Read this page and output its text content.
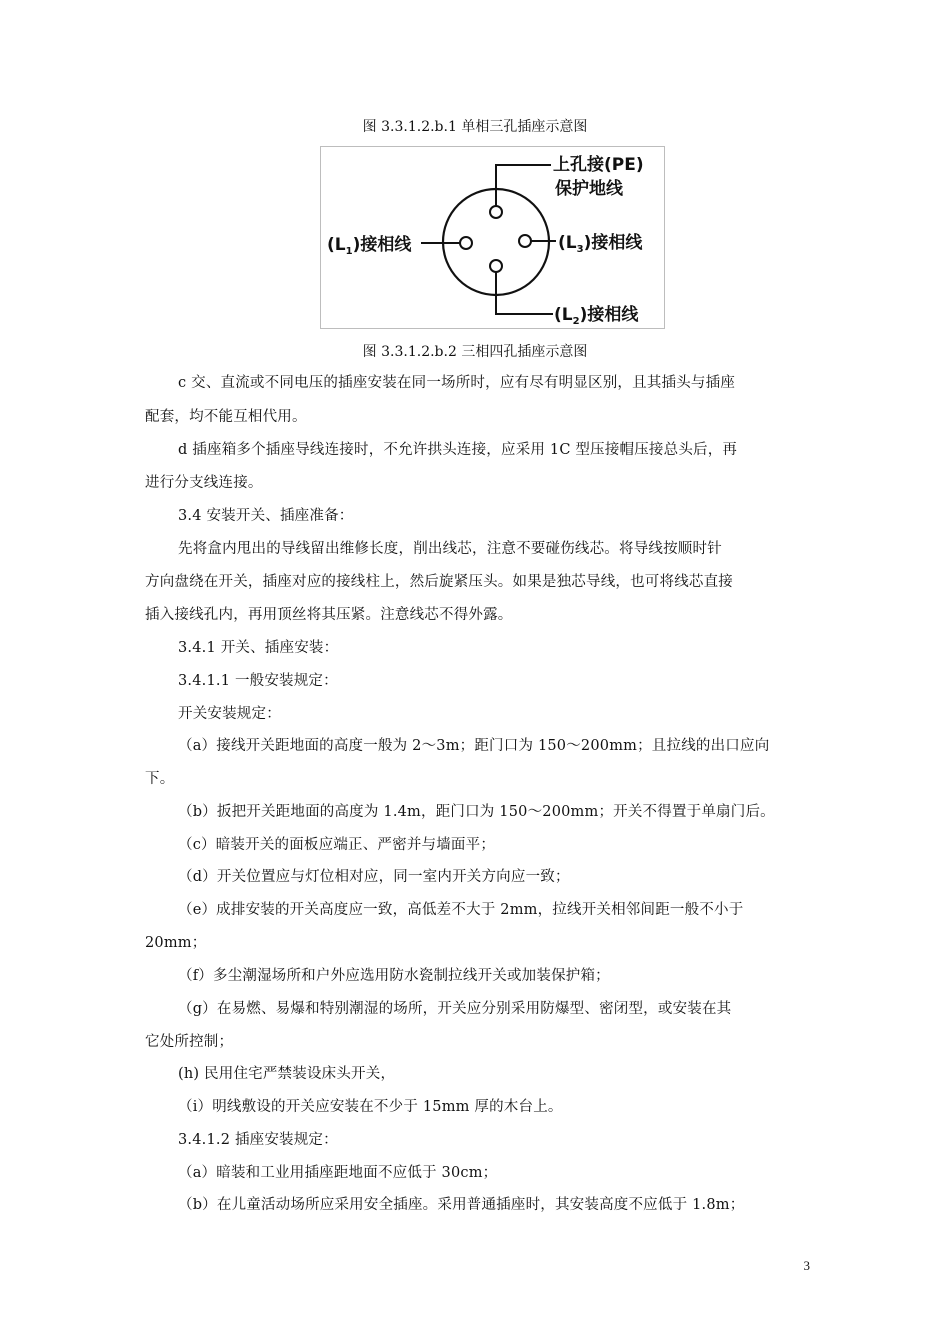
图 3.3.1.2.b.1 单相三孔插座示意图
上孔接(PE)
保护地线
$(L_1)$接相线	$(L_3)$接相线
$(L_2)$接相线
图 3.3.1.2.b.2 三相四孔插座示意图
c 交、直流或不同电压的插座安装在同一场所时，应有尽有明显区别，且其插头与插座
配套，均不能互相代用。
d 插座箱多个插座导线连接时，不允许拱头连接，应采用 1C 型压接帽压接总头后，再
进行分支线连接。
3.4 安装开关、插座准备：
先将盒内甩出的导线留出维修长度，削出线芯，注意不要碰伤线芯。将导线按顺时针
方向盘绕在开关，插座对应的接线柱上，然后旋紧压头。如果是独芯导线，也可将线芯直接
插入接线孔内，再用顶丝将其压紧。注意线芯不得外露。
3.4.1 开关、插座安装：
3.4.1.1 一般安装规定：
开关安装规定：
（a）接线开关距地面的高度一般为 2～3m；距门口为 150～200mm；且拉线的出口应向
下。
（b）扳把开关距地面的高度为 1.4m，距门口为 150～200mm；开关不得置于单扇门后。
（c）暗装开关的面板应端正、严密并与墙面平；
（d）开关位置应与灯位相对应，同一室内开关方向应一致；
（e）成排安装的开关高度应一致，高低差不大于 2mm，拉线开关相邻间距一般不小于
20mm；
（f）多尘潮湿场所和户外应选用防水瓷制拉线开关或加装保护箱；
（g）在易燃、易爆和特别潮湿的场所，开关应分别采用防爆型、密闭型，或安装在其
它处所控制；
(h) 民用住宅严禁装设床头开关，
（i）明线敷设的开关应安装在不少于 15mm 厚的木台上。
3.4.1.2 插座安装规定：
（a）暗装和工业用插座距地面不应低于 30cm；
（b）在儿童活动场所应采用安全插座。采用普通插座时，其安装高度不应低于 1.8m；
3
